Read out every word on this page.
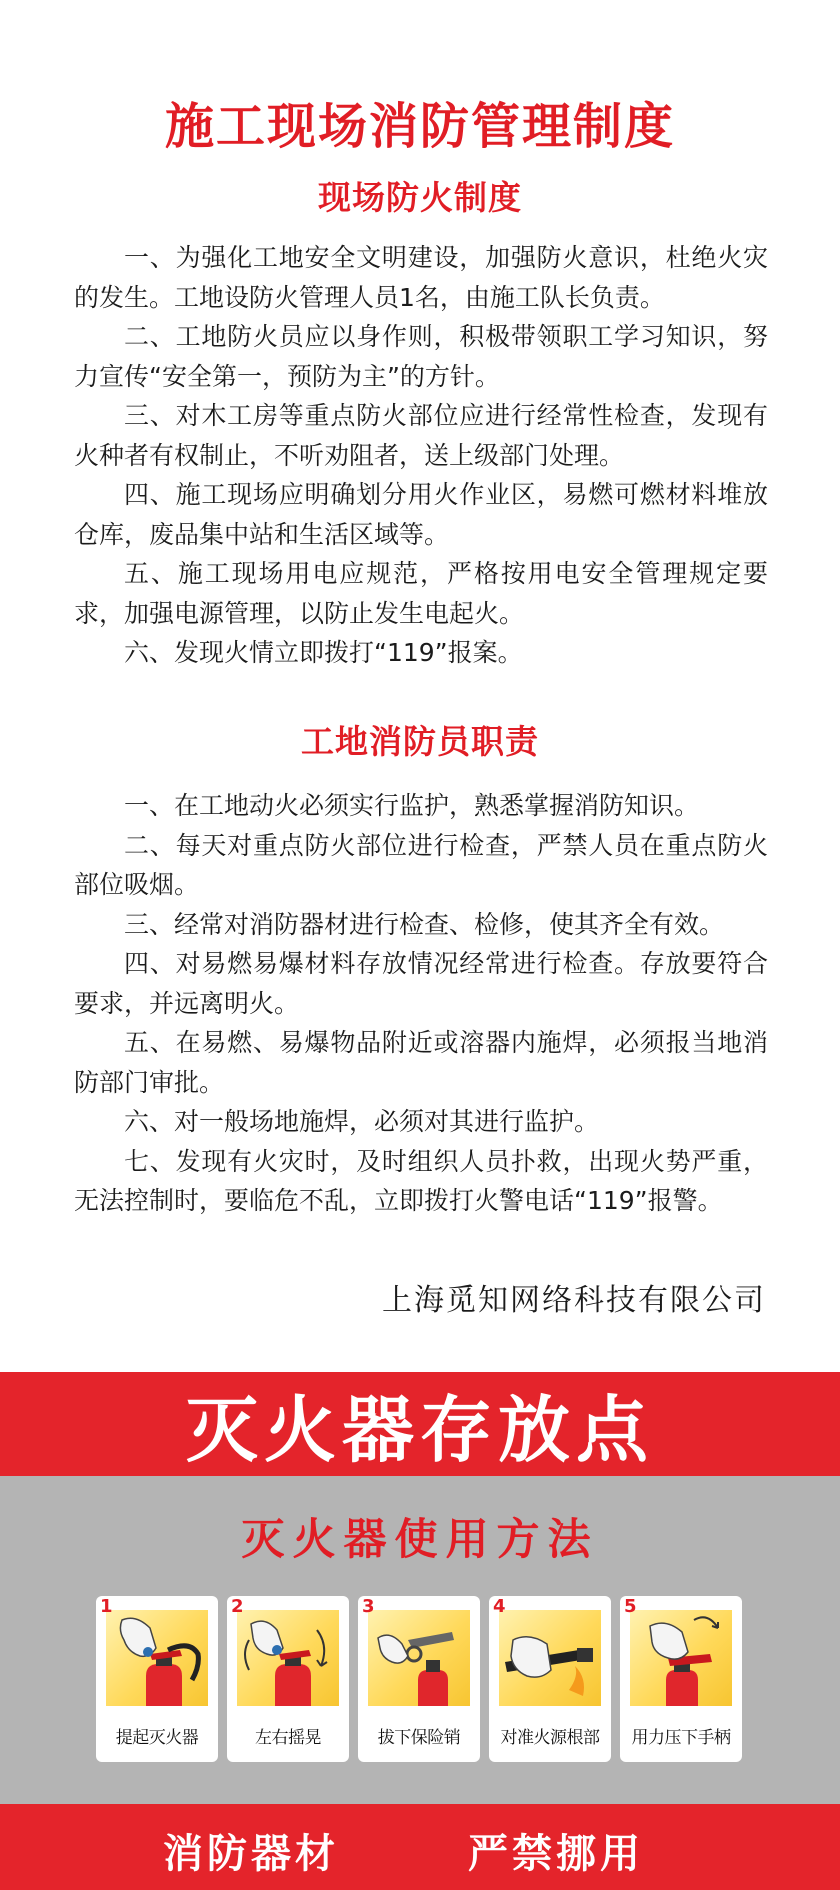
施工现场消防管理制度
现场防火制度

一、为强化工地安全文明建设，加强防火意识，杜绝火灾的发生。工地设防火管理人员1名，由施工队长负责。

二、工地防火员应以身作则，积极带领职工学习知识，努力宣传“安全第一，预防为主”的方针。

三、对木工房等重点防火部位应进行经常性检查，发现有火种者有权制止，不听劝阻者，送上级部门处理。

四、施工现场应明确划分用火作业区，易燃可燃材料堆放仓库，废品集中站和生活区域等。

五、施工现场用电应规范，严格按用电安全管理规定要求，加强电源管理，以防止发生电起火。

六、发现火情立即拨打“119”报案。

工地消防员职责

一、在工地动火必须实行监护，熟悉掌握消防知识。

二、每天对重点防火部位进行检查，严禁人员在重点防火部位吸烟。

三、经常对消防器材进行检查、检修，使其齐全有效。

四、对易燃易爆材料存放情况经常进行检查。存放要符合要求，并远离明火。

五、在易燃、易爆物品附近或溶器内施焊，必须报当地消防部门审批。

六、对一般场地施焊，必须对其进行监护。

七、发现有火灾时，及时组织人员扑救，出现火势严重，无法控制时，要临危不乱，立即拨打火警电话“119”报警。

上海觅知网络科技有限公司
灭火器存放点
灭火器使用方法
1
提起灭火器
2
左右摇晃
3
拔下保险销
4
对准火源根部
5
用力压下手柄
消防器材	严禁挪用
